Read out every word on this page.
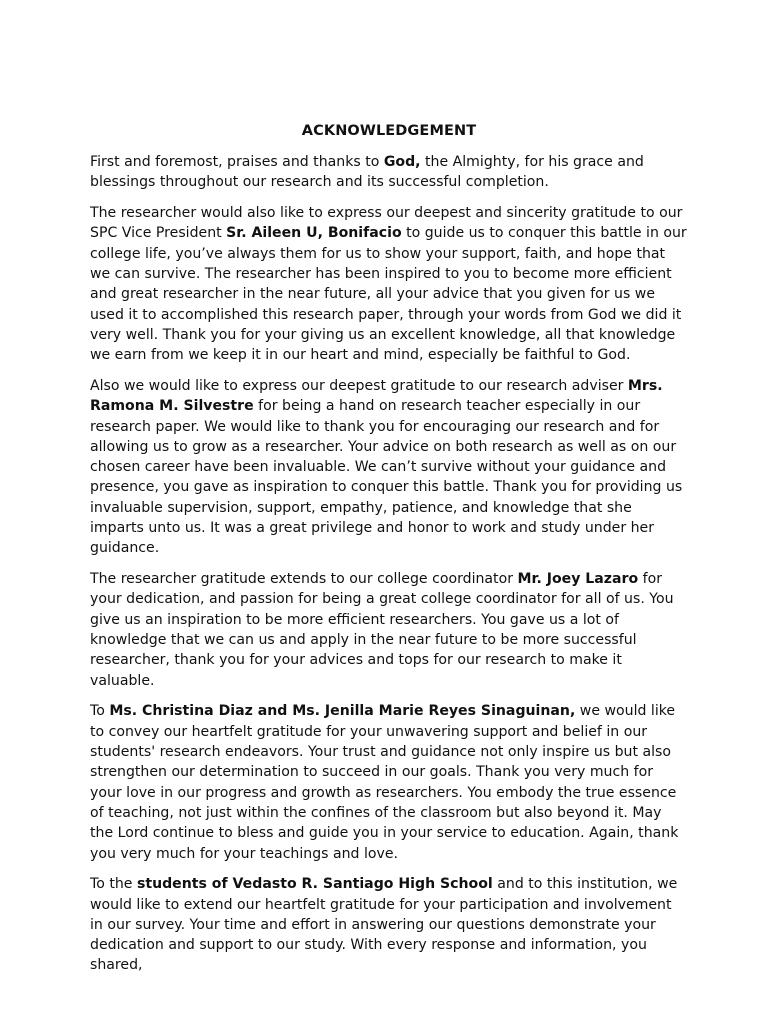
ACKNOWLEDGEMENT

First and foremost, praises and thanks to God, the Almighty, for his grace and blessings throughout our research and its successful completion.

The researcher would also like to express our deepest and sincerity gratitude to our SPC Vice President Sr. Aileen U, Bonifacio to guide us to conquer this battle in our college life, you’ve always them for us to show your support, faith, and hope that we can survive. The researcher has been inspired to you to become more efficient and great researcher in the near future, all your advice that you given for us we used it to accomplished this research paper, through your words from God we did it very well. Thank you for your giving us an excellent knowledge, all that knowledge we earn from we keep it in our heart and mind, especially be faithful to God.

Also we would like to express our deepest gratitude to our research adviser Mrs. Ramona M. Silvestre for being a hand on research teacher especially in our research paper. We would like to thank you for encouraging our research and for allowing us to grow as a researcher. Your advice on both research as well as on our chosen career have been invaluable. We can’t survive without your guidance and presence, you gave as inspiration to conquer this battle. Thank you for providing us invaluable supervision, support, empathy, patience, and knowledge that she imparts unto us. It was a great privilege and honor to work and study under her guidance.

The researcher gratitude extends to our college coordinator Mr. Joey Lazaro for your dedication, and passion for being a great college coordinator for all of us. You give us an inspiration to be more efficient researchers. You gave us a lot of knowledge that we can us and apply in the near future to be more successful researcher, thank you for your advices and tops for our research to make it valuable.

To Ms. Christina Diaz and Ms. Jenilla Marie Reyes Sinaguinan, we would like to convey our heartfelt gratitude for your unwavering support and belief in our students' research endeavors. Your trust and guidance not only inspire us but also strengthen our determination to succeed in our goals. Thank you very much for your love in our progress and growth as researchers. You embody the true essence of teaching, not just within the confines of the classroom but also beyond it. May the Lord continue to bless and guide you in your service to education. Again, thank you very much for your teachings and love.

To the students of Vedasto R. Santiago High School and to this institution, we would like to extend our heartfelt gratitude for your participation and involvement in our survey. Your time and effort in answering our questions demonstrate your dedication and support to our study. With every response and information, you shared,
